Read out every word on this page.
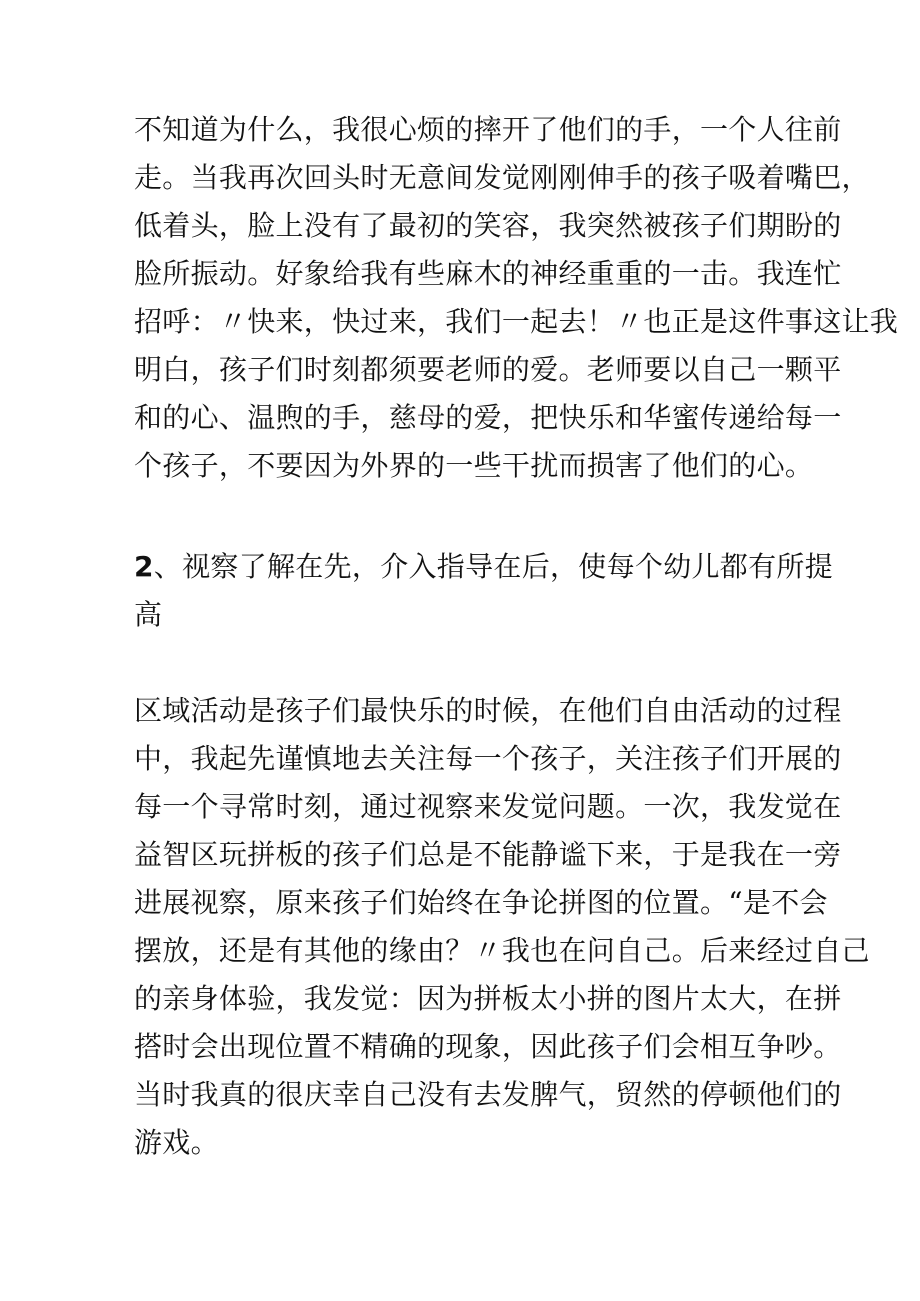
不知道为什么，我很心烦的摔开了他们的手，一个人往前
走。当我再次回头时无意间发觉刚刚伸手的孩子吸着嘴巴，
低着头，脸上没有了最初的笑容，我突然被孩子们期盼的
脸所振动。好象给我有些麻木的神经重重的一击。我连忙
招呼：〃快来，快过来，我们一起去！〃也正是这件事这让我
明白，孩子们时刻都须要老师的爱。老师要以自己一颗平
和的心、温煦的手，慈母的爱，把快乐和华蜜传递给每一
个孩子，不要因为外界的一些干扰而损害了他们的心。
2、视察了解在先，介入指导在后，使每个幼儿都有所提
高
区域活动是孩子们最快乐的时候，在他们自由活动的过程
中，我起先谨慎地去关注每一个孩子，关注孩子们开展的
每一个寻常时刻，通过视察来发觉问题。一次，我发觉在
益智区玩拼板的孩子们总是不能静谧下来，于是我在一旁
进展视察，原来孩子们始终在争论拼图的位置。“是不会
摆放，还是有其他的缘由？〃我也在问自己。后来经过自己
的亲身体验，我发觉：因为拼板太小拼的图片太大，在拼
搭时会出现位置不精确的现象，因此孩子们会相互争吵。
当时我真的很庆幸自己没有去发脾气，贸然的停顿他们的
游戏。
